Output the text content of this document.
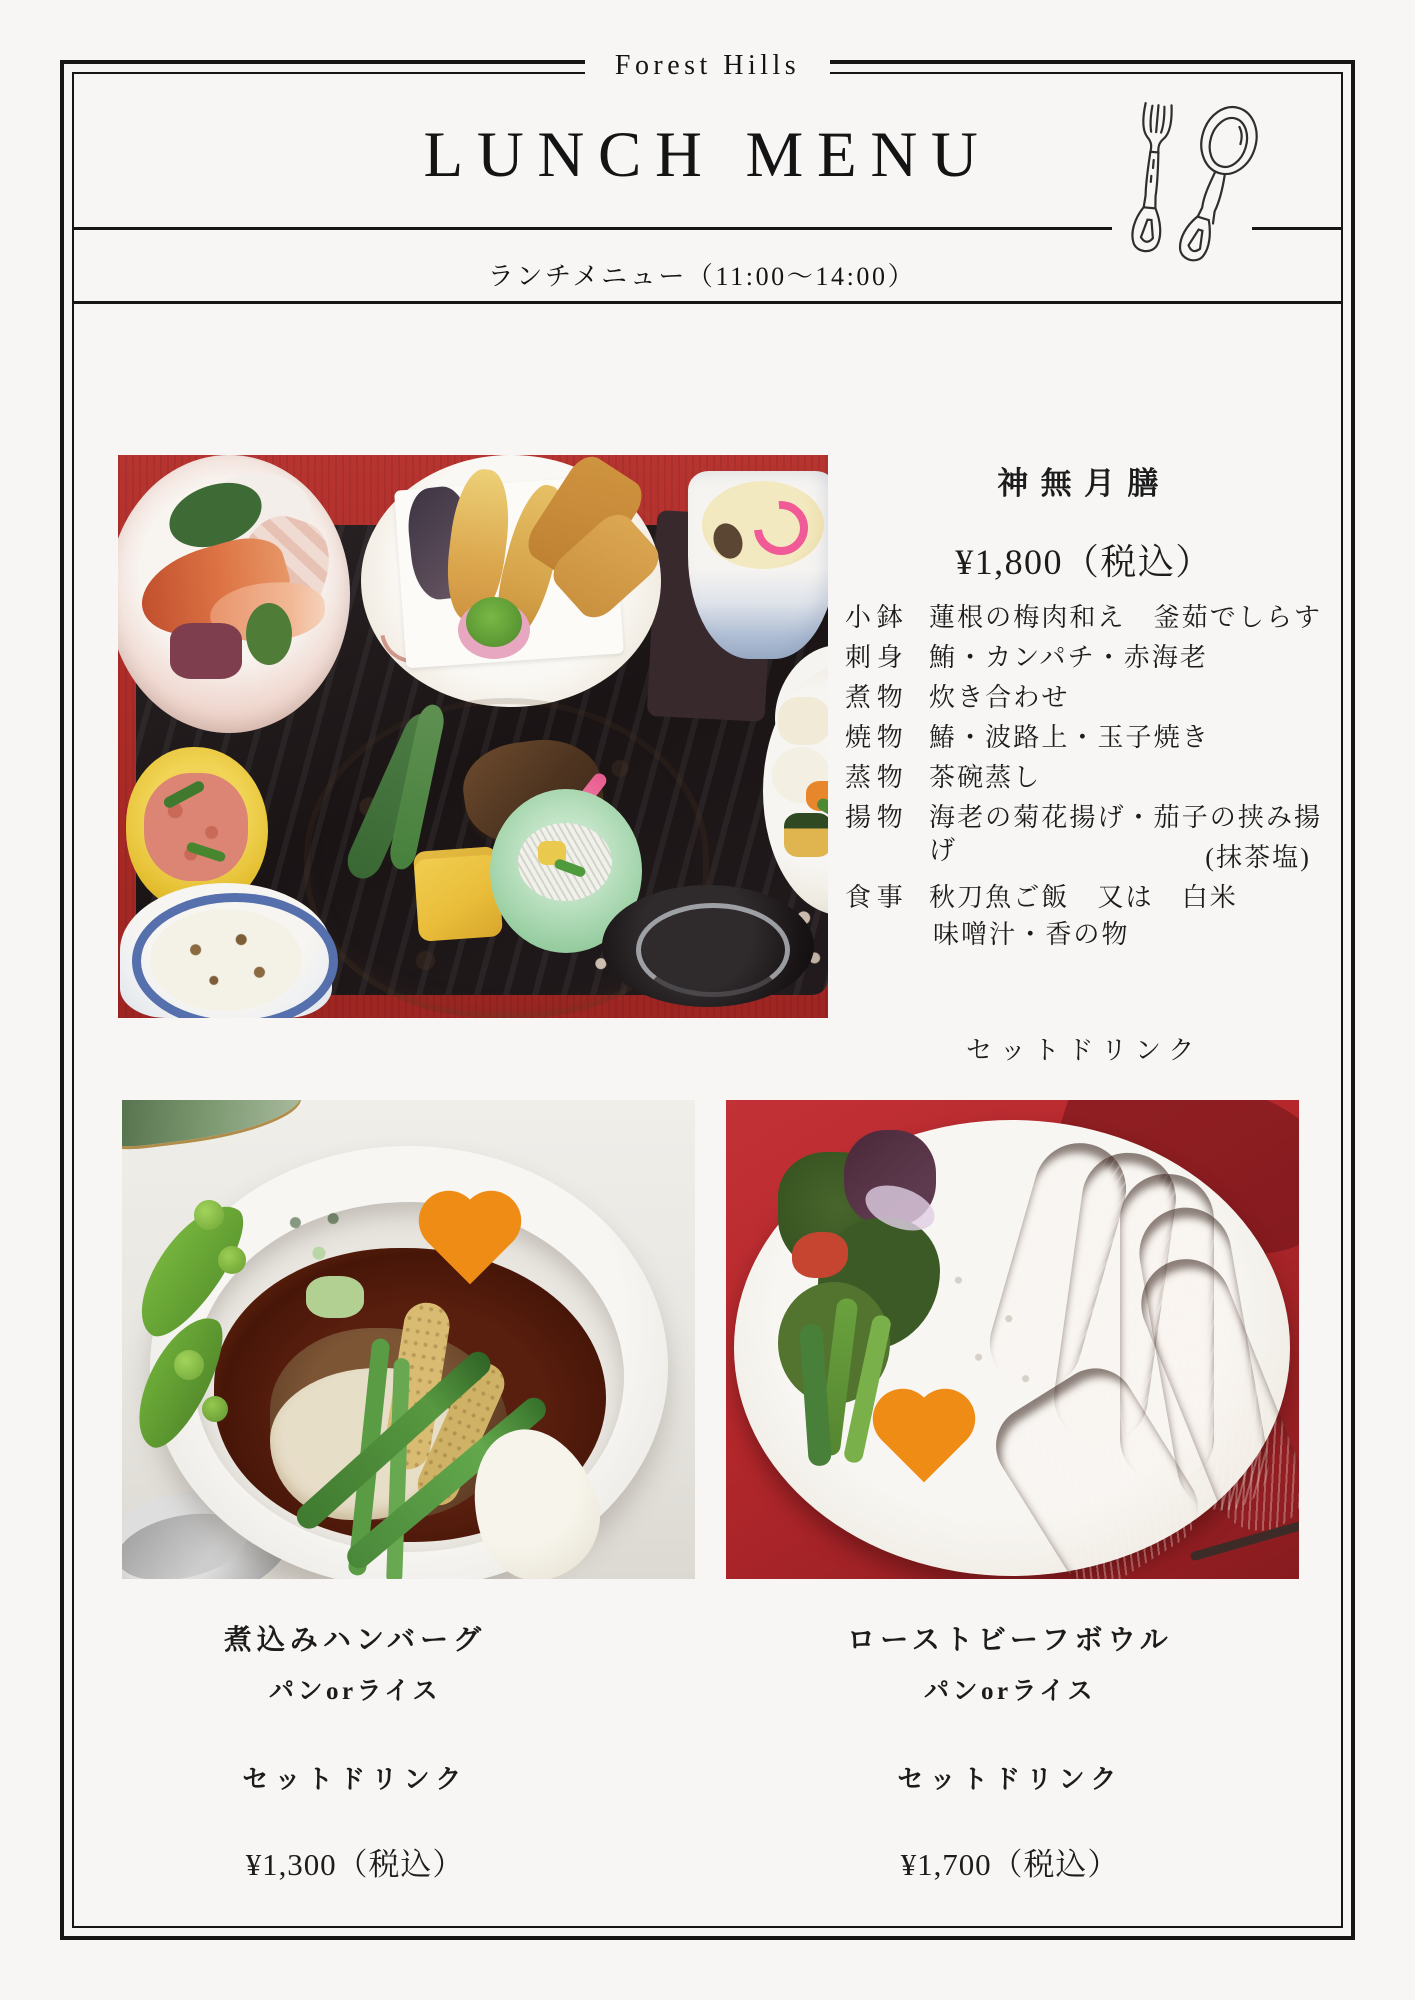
Forest Hills
LUNCH MENU
ランチメニュー（11:00～14:00）
神無月膳
¥1,800（税込）
小鉢 蓮根の梅肉和え　釜茹でしらす
刺身 鮪・カンパチ・赤海老
煮物 炊き合わせ
焼物 鰆・波路上・玉子焼き
蒸物 茶碗蒸し
揚物 海老の菊花揚げ・茄子の挟み揚げ	(抹茶塩)
食事 秋刀魚ご飯　又は　白米
味噌汁・香の物
セットドリンク
煮込みハンバーグ
パンorライス
セットドリンク
¥1,300（税込）
ローストビーフボウル
パンorライス
セットドリンク
¥1,700（税込）
